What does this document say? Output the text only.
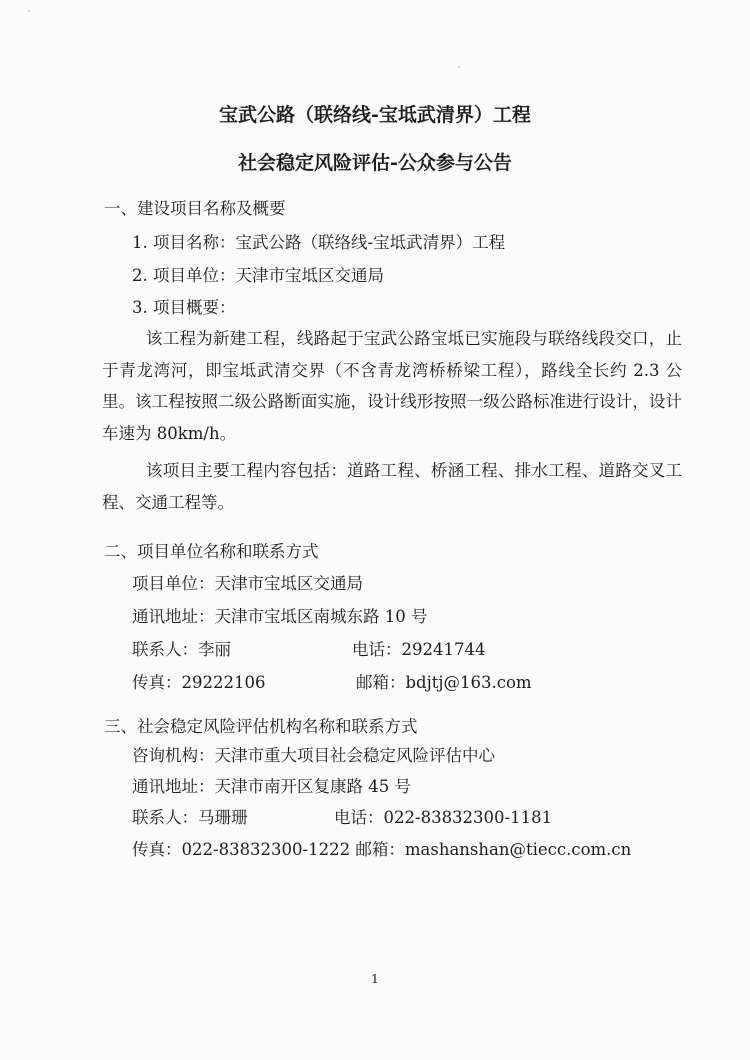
宝武公路（联络线-宝坻武清界）工程
社会稳定风险评估-公众参与公告
一、建设项目名称及概要
1. 项目名称：宝武公路（联络线-宝坻武清界）工程
2. 项目单位：天津市宝坻区交通局
3. 项目概要：
该工程为新建工程，线路起于宝武公路宝坻已实施段与联络线段交口，止于青龙湾河，即宝坻武清交界（不含青龙湾桥桥梁工程），路线全长约 2.3 公里。该工程按照二级公路断面实施，设计线形按照一级公路标准进行设计，设计车速为 80km/h。
该项目主要工程内容包括：道路工程、桥涵工程、排水工程、道路交叉工程、交通工程等。
二、项目单位名称和联系方式
项目单位：天津市宝坻区交通局
通讯地址：天津市宝坻区南城东路 10 号
联系人：李丽	电话：29241744
传真：29222106	邮箱：bdjtj@163.com
三、社会稳定风险评估机构名称和联系方式
咨询机构：天津市重大项目社会稳定风险评估中心
通讯地址：天津市南开区复康路 45 号
联系人：马珊珊	电话：022-83832300-1181
传真：022-83832300-1222 邮箱：mashanshan@tiecc.com.cn
1
